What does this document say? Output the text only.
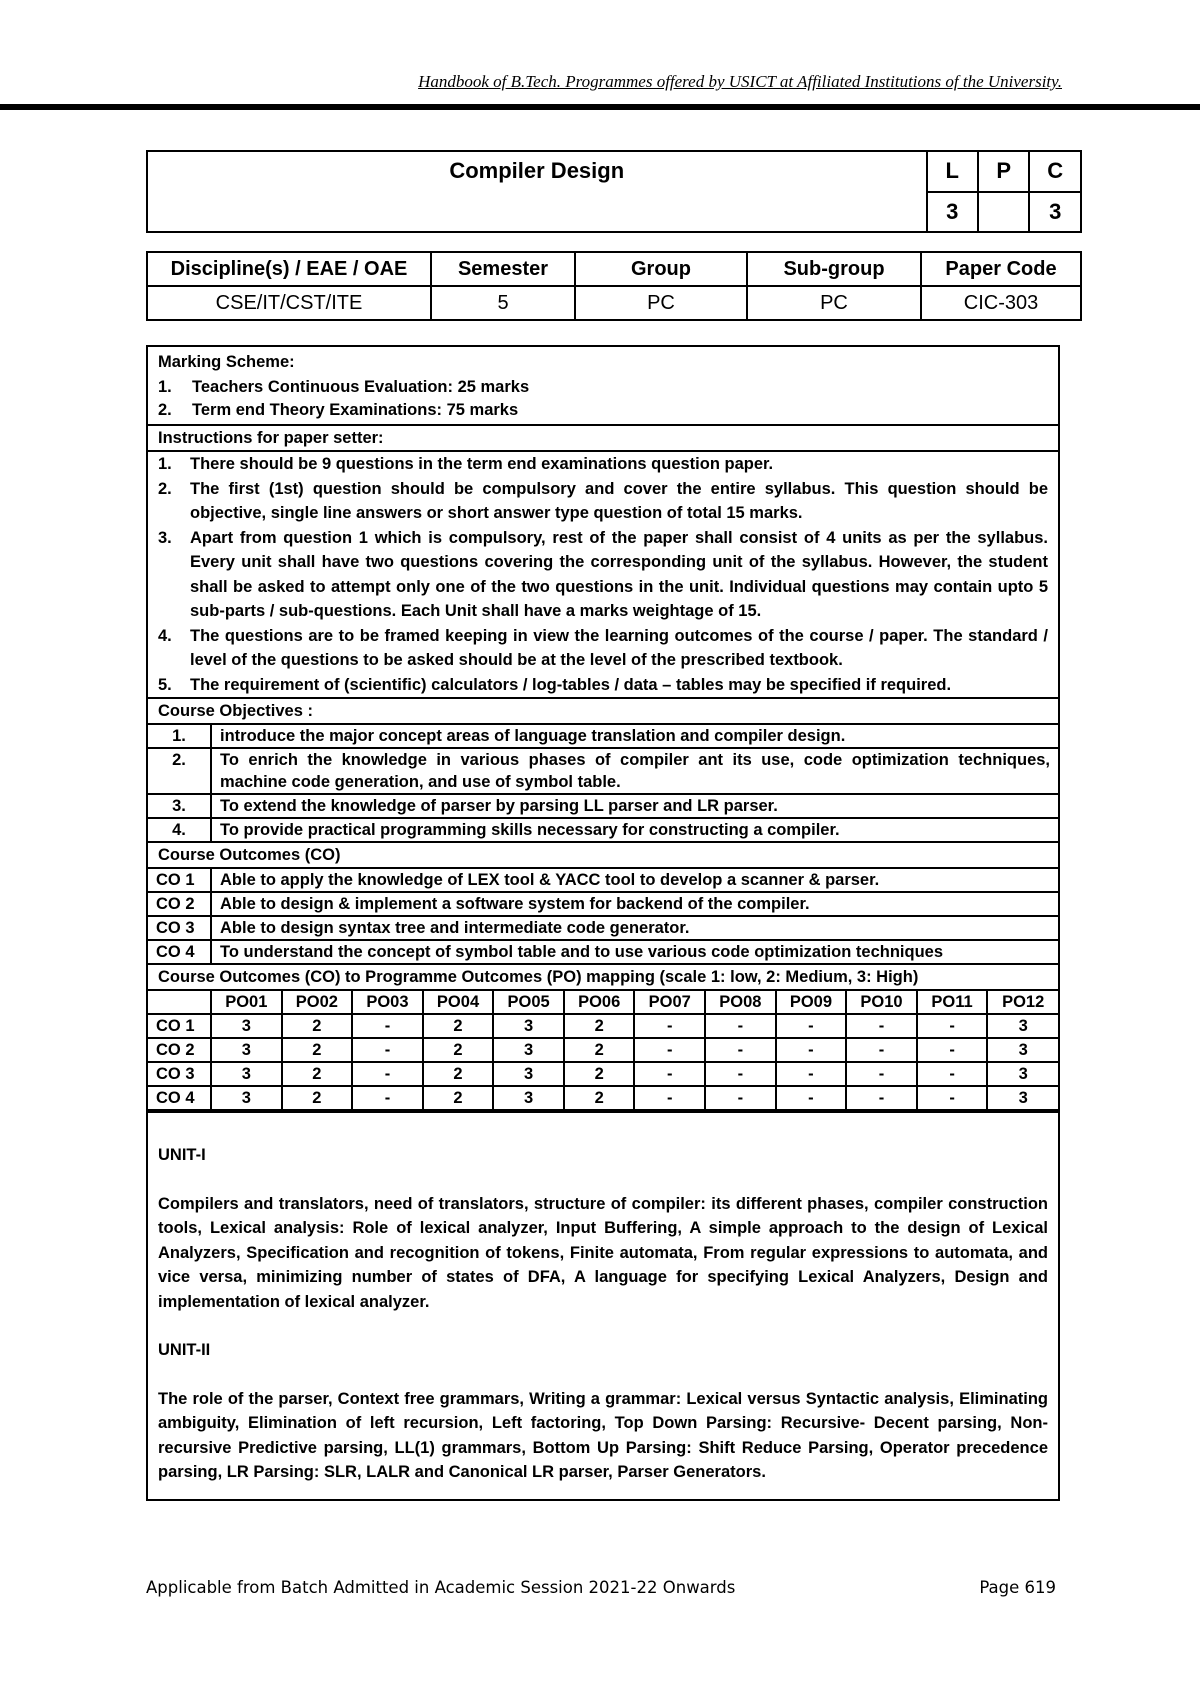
Handbook of B.Tech. Programmes offered by USICT at Affiliated Institutions of the University.
Compiler Design	L	P	C
	3		3
Discipline(s) / EAE / OAE	Semester	Group	Sub-group	Paper Code
CSE/IT/CST/ITE	5	PC	PC	CIC-303
Marking Scheme:
1.	Teachers Continuous Evaluation: 25 marks
2.	Term end Theory Examinations: 75 marks
Instructions for paper setter:
1.	There should be 9 questions in the term end examinations question paper.
2.	The first (1st) question should be compulsory and cover the entire syllabus. This question should be objective, single line answers or short answer type question of total 15 marks.
3.	Apart from question 1 which is compulsory, rest of the paper shall consist of 4 units as per the syllabus. Every unit shall have two questions covering the corresponding unit of the syllabus. However, the student shall be asked to attempt only one of the two questions in the unit. Individual questions may contain upto 5 sub-parts / sub-questions. Each Unit shall have a marks weightage of 15.
4.	The questions are to be framed keeping in view the learning outcomes of the course / paper. The standard / level of the questions to be asked should be at the level of the prescribed textbook.
5.	The requirement of (scientific) calculators / log-tables / data – tables may be specified if required.
Course Objectives :
1.	introduce the major concept areas of language translation and compiler design.
2.	To enrich the knowledge in various phases of compiler ant its use, code optimization techniques, machine code generation, and use of symbol table.
3.	To extend the knowledge of parser by parsing LL parser and LR parser.
4.	To provide practical programming skills necessary for constructing a compiler.
Course Outcomes (CO)
CO 1	Able to apply the knowledge of LEX tool & YACC tool to develop a scanner & parser.
CO 2	Able to design & implement a software system for backend of the compiler.
CO 3	Able to design syntax tree and intermediate code generator.
CO 4	To understand the concept of symbol table and to use various code optimization techniques
Course Outcomes (CO) to Programme Outcomes (PO) mapping (scale 1: low, 2: Medium, 3: High)
	PO01	PO02	PO03	PO04	PO05	PO06	PO07	PO08	PO09	PO10	PO11	PO12
CO 1	3	2	-	2	3	2	-	-	-	-	-	3
CO 2	3	2	-	2	3	2	-	-	-	-	-	3
CO 3	3	2	-	2	3	2	-	-	-	-	-	3
CO 4	3	2	-	2	3	2	-	-	-	-	-	3

UNIT-I

Compilers and translators, need of translators, structure of compiler: its different phases, compiler construction tools, Lexical analysis: Role of lexical analyzer, Input Buffering, A simple approach to the design of Lexical Analyzers, Specification and recognition of tokens, Finite automata, From regular expressions to automata, and vice versa, minimizing number of states of DFA, A language for specifying Lexical Analyzers, Design and implementation of lexical analyzer.

UNIT-II

The role of the parser, Context free grammars, Writing a grammar: Lexical versus Syntactic analysis, Eliminating ambiguity, Elimination of left recursion, Left factoring, Top Down Parsing: Recursive- Decent parsing, Non-recursive Predictive parsing, LL(1) grammars, Bottom Up Parsing: Shift Reduce Parsing, Operator precedence parsing, LR Parsing: SLR, LALR and Canonical LR parser, Parser Generators.

Applicable from Batch Admitted in Academic Session 2021-22 Onwards	Page 619
